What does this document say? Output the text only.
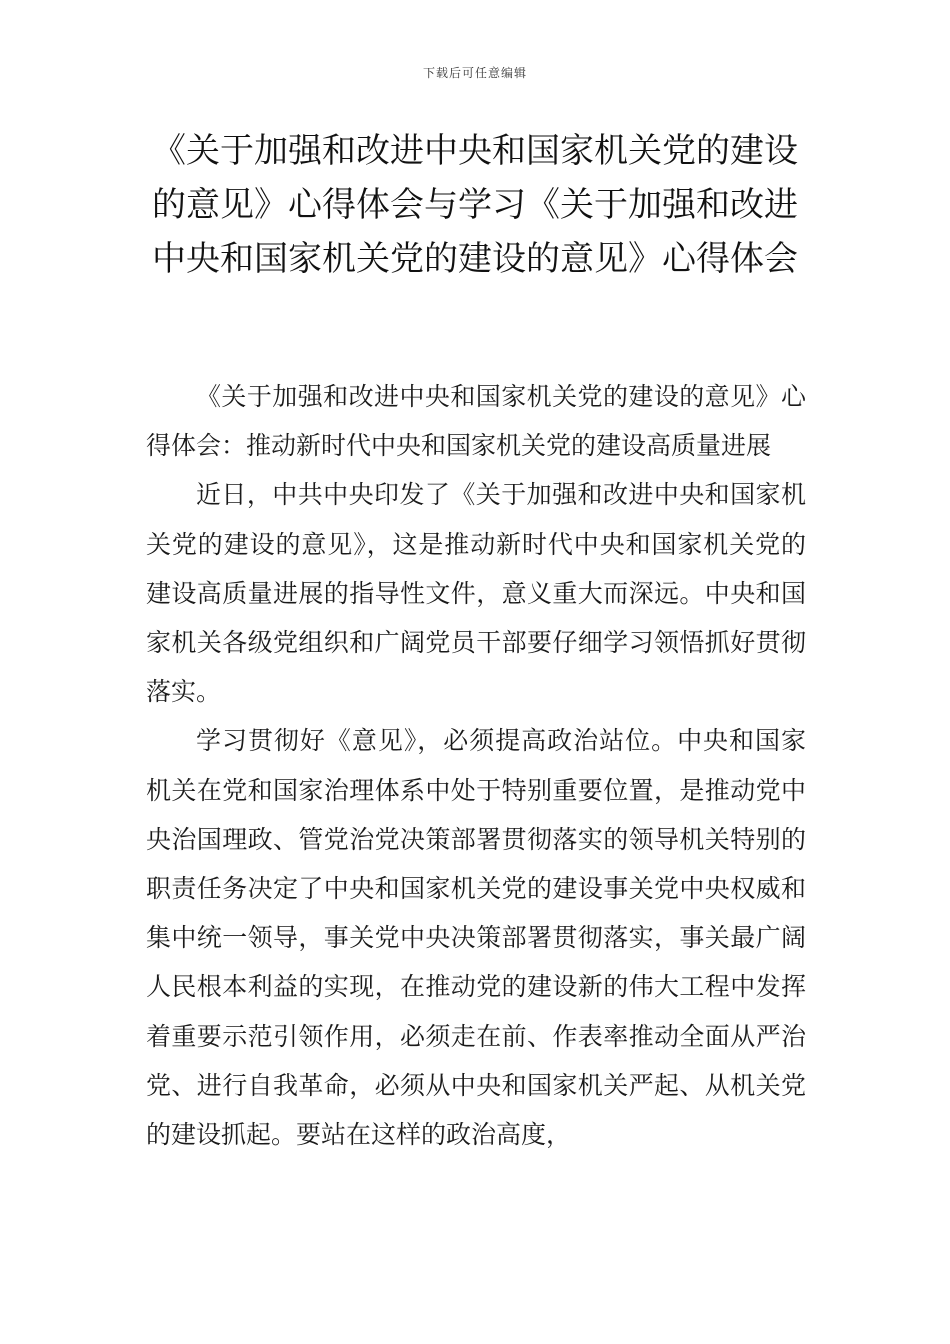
下载后可任意编辑
《关于加强和改进中央和国家机关党的建设的意见》心得体会与学习《关于加强和改进中央和国家机关党的建设的意见》心得体会

《关于加强和改进中央和国家机关党的建设的意见》心得体会：推动新时代中央和国家机关党的建设高质量进展

近日，中共中央印发了《关于加强和改进中央和国家机关党的建设的意见》，这是推动新时代中央和国家机关党的建设高质量进展的指导性文件，意义重大而深远。中央和国家机关各级党组织和广阔党员干部要仔细学习领悟抓好贯彻落实。

学习贯彻好《意见》，必须提高政治站位。中央和国家机关在党和国家治理体系中处于特别重要位置，是推动党中央治国理政、管党治党决策部署贯彻落实的领导机关特别的职责任务决定了中央和国家机关党的建设事关党中央权威和集中统一领导，事关党中央决策部署贯彻落实，事关最广阔人民根本利益的实现，在推动党的建设新的伟大工程中发挥着重要示范引领作用，必须走在前、作表率推动全面从严治党、进行自我革命，必须从中央和国家机关严起、从机关党的建设抓起。要站在这样的政治高度，
